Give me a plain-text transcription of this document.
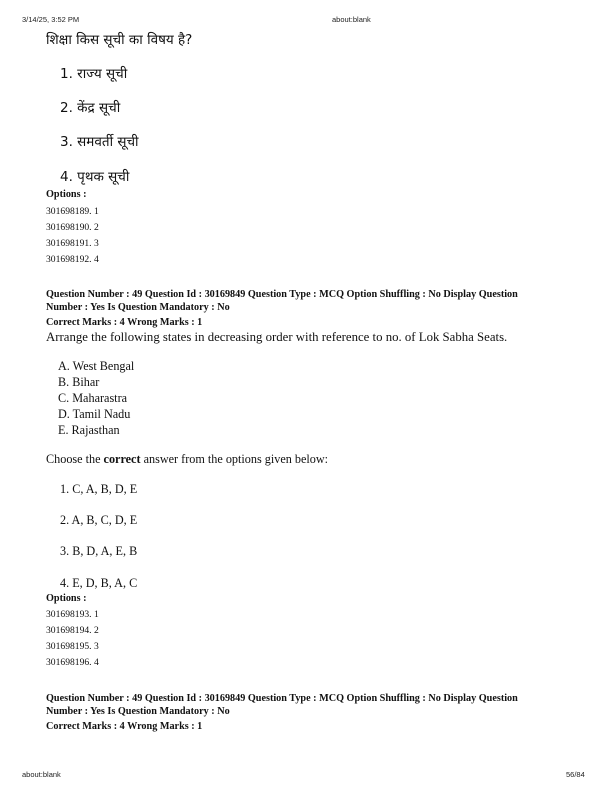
3/14/25, 3:52 PM	about:blank
शिक्षा किस सूची का विषय है?
1. राज्य सूची
2. केंद्र सूची
3. समवर्ती सूची
4. पृथक सूची
Options :
301698189. 1
301698190. 2
301698191. 3
301698192. 4
Question Number : 49 Question Id : 30169849 Question Type : MCQ Option Shuffling : No Display Question
Number : Yes Is Question Mandatory : No
Correct Marks : 4 Wrong Marks : 1
Arrange the following states in decreasing order with reference to no. of Lok Sabha Seats.
A. West Bengal
B. Bihar
C. Maharastra
D. Tamil Nadu
E. Rajasthan
Choose the correct answer from the options given below:
1. C, A, B, D, E
2. A, B, C, D, E
3. B, D, A, E, B
4. E, D, B, A, C
Options :
301698193. 1
301698194. 2
301698195. 3
301698196. 4
Question Number : 49 Question Id : 30169849 Question Type : MCQ Option Shuffling : No Display Question
Number : Yes Is Question Mandatory : No
Correct Marks : 4 Wrong Marks : 1
about:blank	56/84
